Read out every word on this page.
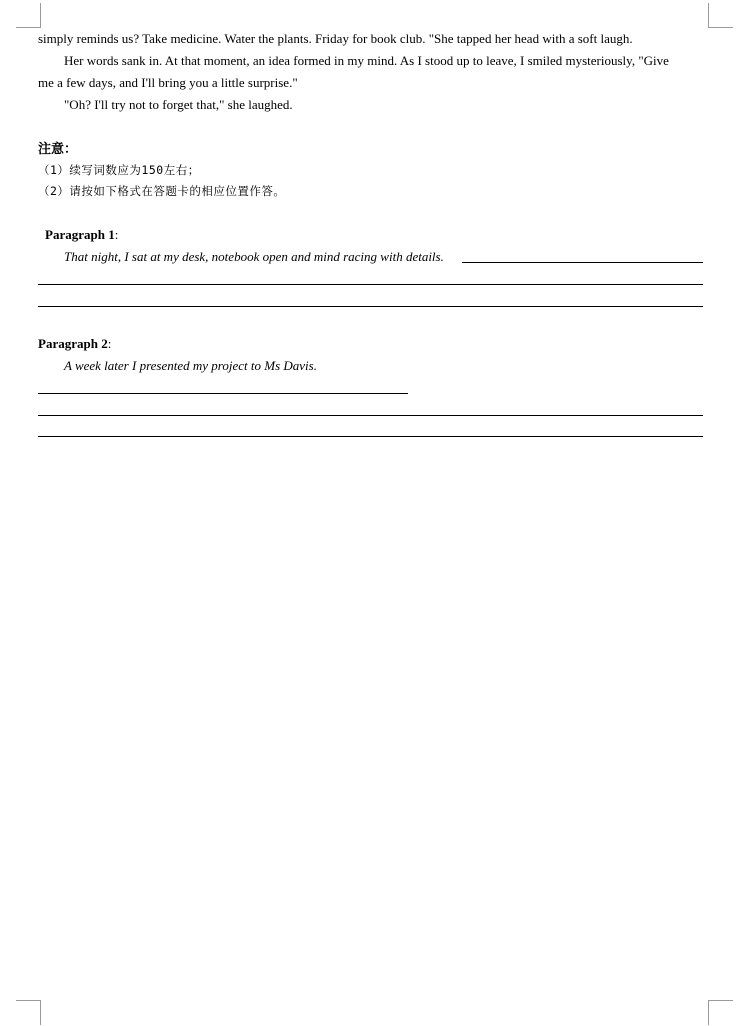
simply reminds us? Take medicine. Water the plants. Friday for book club. "She tapped her head with a soft laugh.
Her words sank in. At that moment, an idea formed in my mind. As I stood up to leave, I smiled mysteriously, "Give
me a few days, and I'll bring you a little surprise."
"Oh? I'll try not to forget that," she laughed.
注意：
（1）续写词数应为150左右；
（2）请按如下格式在答题卡的相应位置作答。
Paragraph 1:
That night, I sat at my desk, notebook open and mind racing with details.
Paragraph 2:
A week later I presented my project to Ms Davis.
